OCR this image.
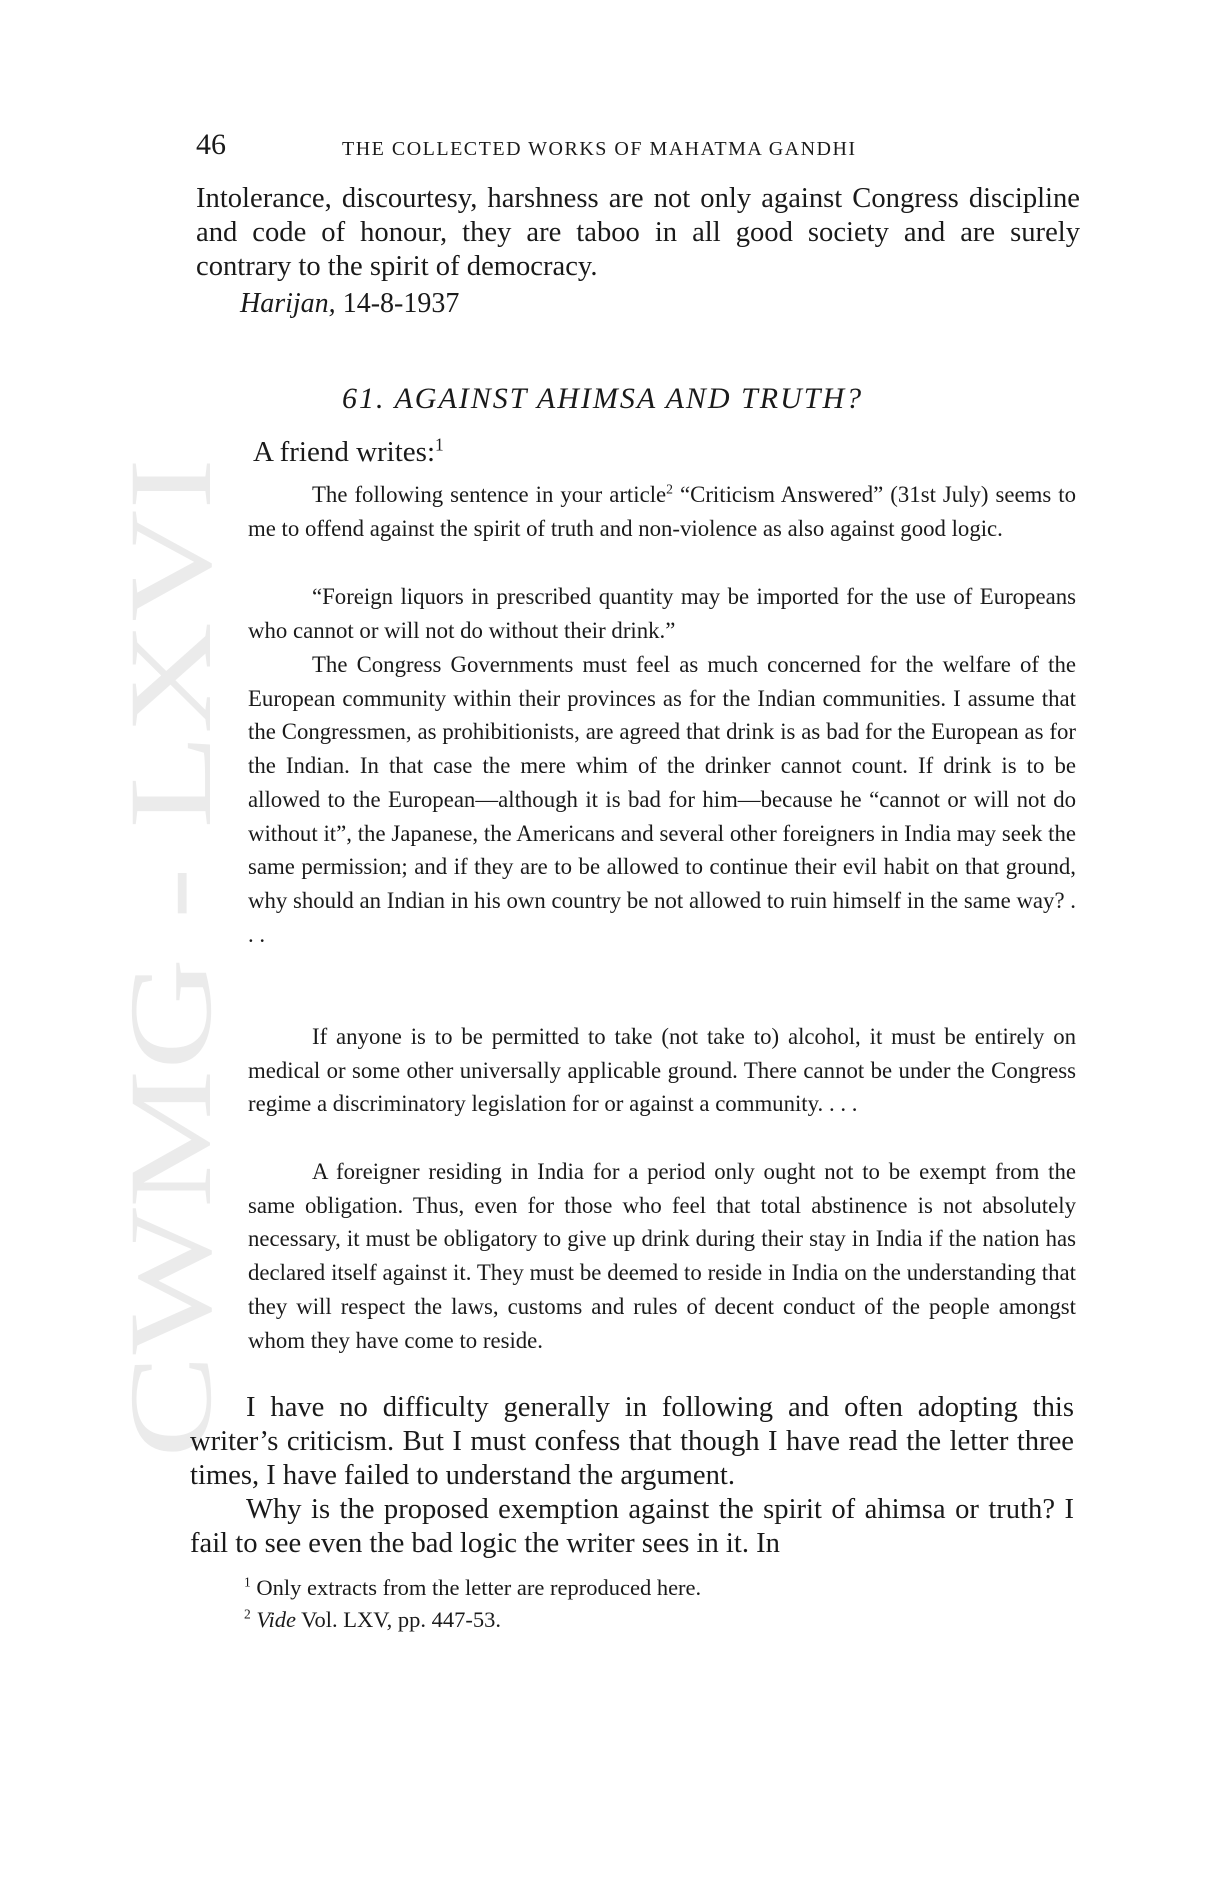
CWMG - LXVI
46	THE COLLECTED WORKS OF MAHATMA GANDHI

Intolerance, discourtesy, harshness are not only against Congress discipline and code of honour, they are taboo in all good society and are surely contrary to the spirit of democracy.

Harijan, 14-8-1937
61. AGAINST AHIMSA AND TRUTH?
A friend writes:$^1$

The following sentence in your article$^2$ “Criticism Answered” (31st July) seems to me to offend against the spirit of truth and non-violence as also against good logic.

“Foreign liquors in prescribed quantity may be imported for the use of Europeans who cannot or will not do without their drink.”

The Congress Governments must feel as much concerned for the welfare of the European community within their provinces as for the Indian communities. I assume that the Congressmen, as prohibitionists, are agreed that drink is as bad for the European as for the Indian. In that case the mere whim of the drinker cannot count. If drink is to be allowed to the European—although it is bad for him—because he “cannot or will not do without it”, the Japanese, the Americans and several other foreigners in India may seek the same permission; and if they are to be allowed to continue their evil habit on that ground, why should an Indian in his own country be not allowed to ruin himself in the same way? . . .

If anyone is to be permitted to take (not take to) alcohol, it must be entirely on medical or some other universally applicable ground. There cannot be under the Congress regime a discriminatory legislation for or against a community. . . .

A foreigner residing in India for a period only ought not to be exempt from the same obligation. Thus, even for those who feel that total abstinence is not absolutely necessary, it must be obligatory to give up drink during their stay in India if the nation has declared itself against it. They must be deemed to reside in India on the understanding that they will respect the laws, customs and rules of decent conduct of the people amongst whom they have come to reside.

I have no difficulty generally in following and often adopting this writer’s criticism. But I must confess that though I have read the letter three times, I have failed to understand the argument.

Why is the proposed exemption against the spirit of ahimsa or truth? I fail to see even the bad logic the writer sees in it. In

$^1$ Only extracts from the letter are reproduced here.
$^2$ Vide Vol. LXV, pp. 447-53.
